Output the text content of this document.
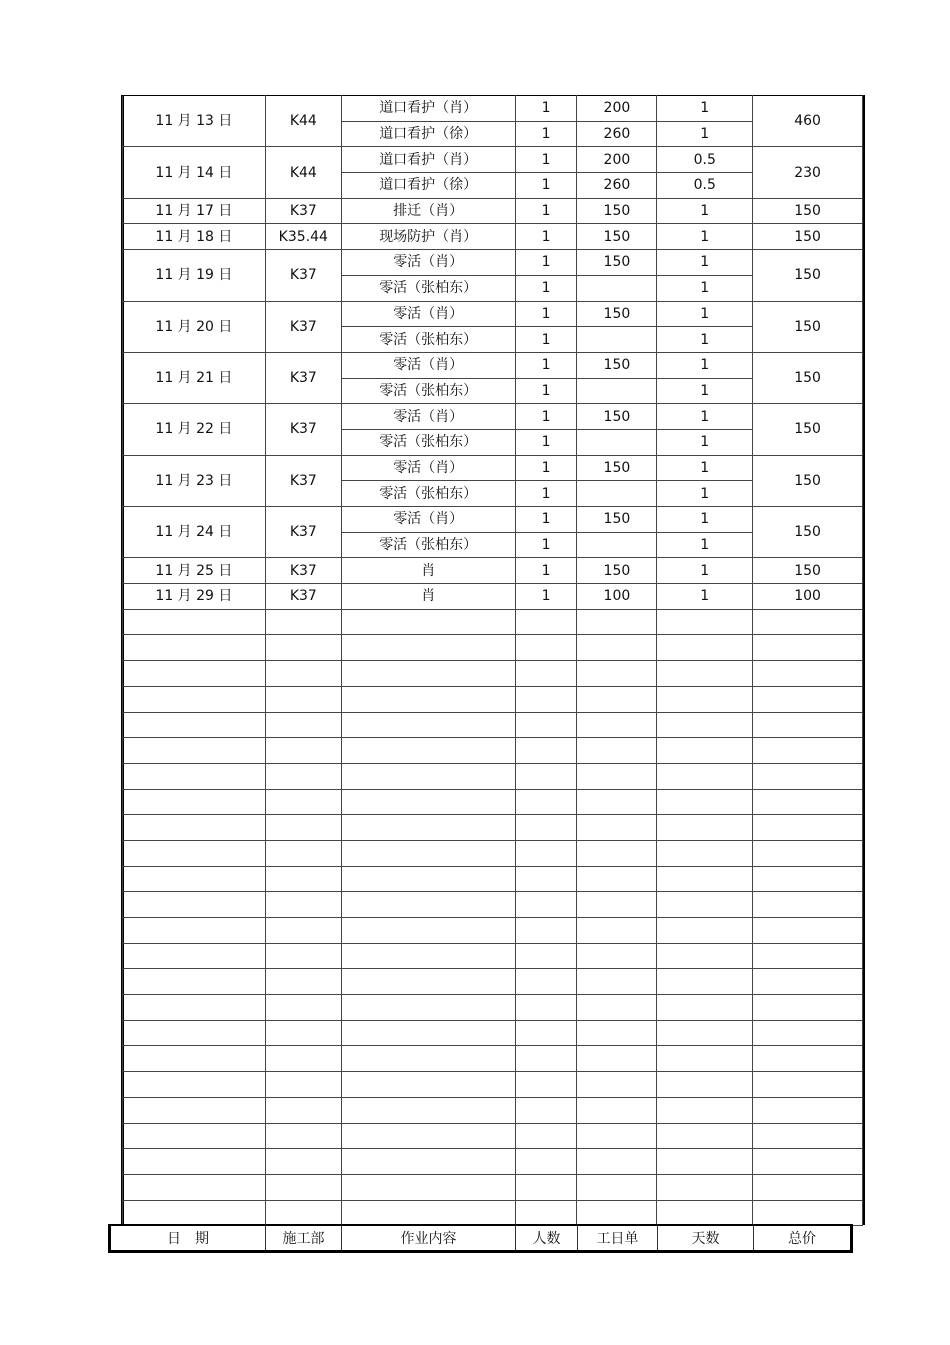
11 月 13 日	K44	道口看护（肖）	1	200	1	460
		道口看护（徐）	1	260	1	
11 月 14 日	K44	道口看护（肖）	1	200	0.5	230
		道口看护（徐）	1	260	0.5	
11 月 17 日	K37	排迁（肖）	1	150	1	150
11 月 18 日	K35.44	现场防护（肖）	1	150	1	150
11 月 19 日	K37	零活（肖）	1	150	1	150
		零活（张柏东）	1		1	
11 月 20 日	K37	零活（肖）	1	150	1	150
		零活（张柏东）	1		1	
11 月 21 日	K37	零活（肖）	1	150	1	150
		零活（张柏东）	1		1	
11 月 22 日	K37	零活（肖）	1	150	1	150
		零活（张柏东）	1		1	
11 月 23 日	K37	零活（肖）	1	150	1	150
		零活（张柏东）	1		1	
11 月 24 日	K37	零活（肖）	1	150	1	150
		零活（张柏东）	1		1	
11 月 25 日	K37	肖	1	150	1	150
11 月 29 日	K37	肖	1	100	1	100

日　期	施工部	作业内容	人数	工日单	天数	总价
